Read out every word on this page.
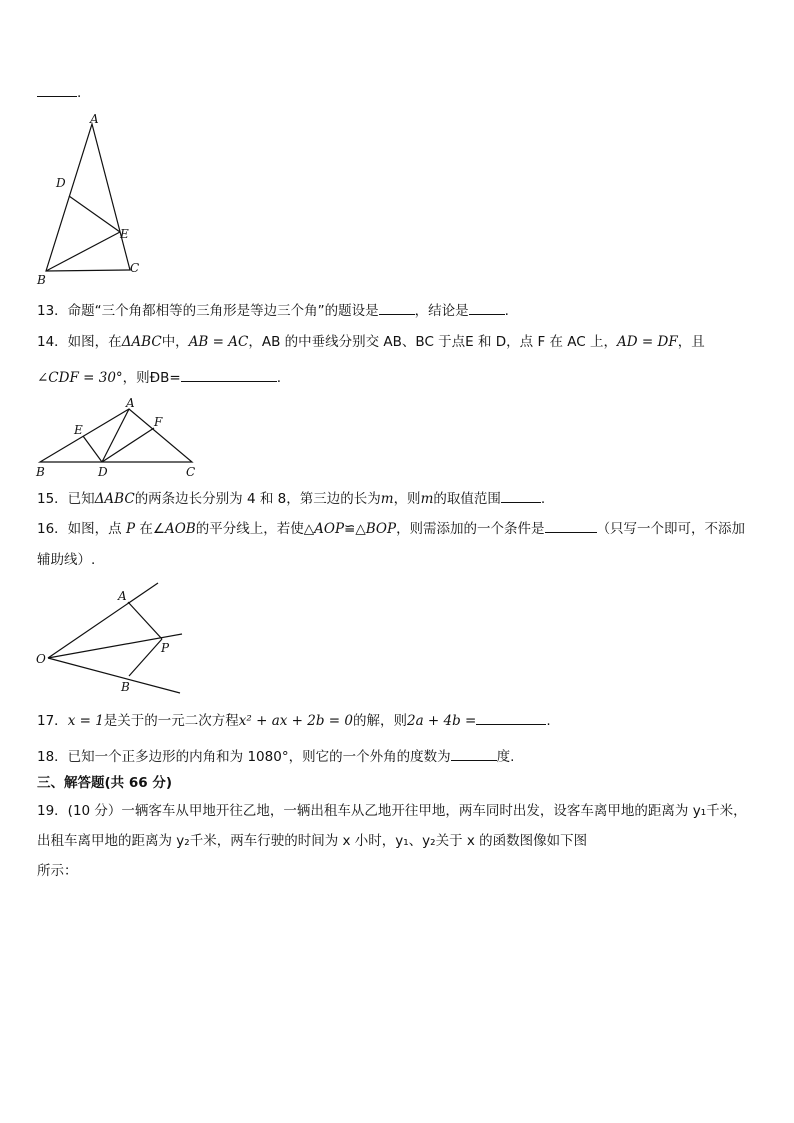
.
A
D
E
B
C
13．命题“三个角都相等的三角形是等边三个角”的题设是	，结论是	.
14．如图，在ΔABC中，AB = AC，AB 的中垂线分别交 AB、BC 于点E 和 D，点 F 在 AC 上，AD = DF，且
∠CDF = 30°，则ÐB=	.
A
E
F
B	D	C
15．已知ΔABC的两条边长分别为 4 和 8，第三边的长为m，则m的取值范围	.
16．如图，点 P 在∠AOB的平分线上，若使△AOP≌△BOP，则需添加的一个条件是	（只写一个即可，不添加
辅助线）.
A
O
P
B
17．x = 1是关于的一元二次方程x² + ax + 2b = 0的解，则2a + 4b =	.
18．已知一个正多边形的内角和为 1080°，则它的一个外角的度数为	度.
三、解答题(共 66 分)
19．(10 分）一辆客车从甲地开往乙地，一辆出租车从乙地开往甲地，两车同时出发，设客车离甲地的距离为 y₁千米，
出租车离甲地的距离为 y₂千米，两车行驶的时间为 x 小时，y₁、y₂关于 x 的函数图像如下图
所示：
